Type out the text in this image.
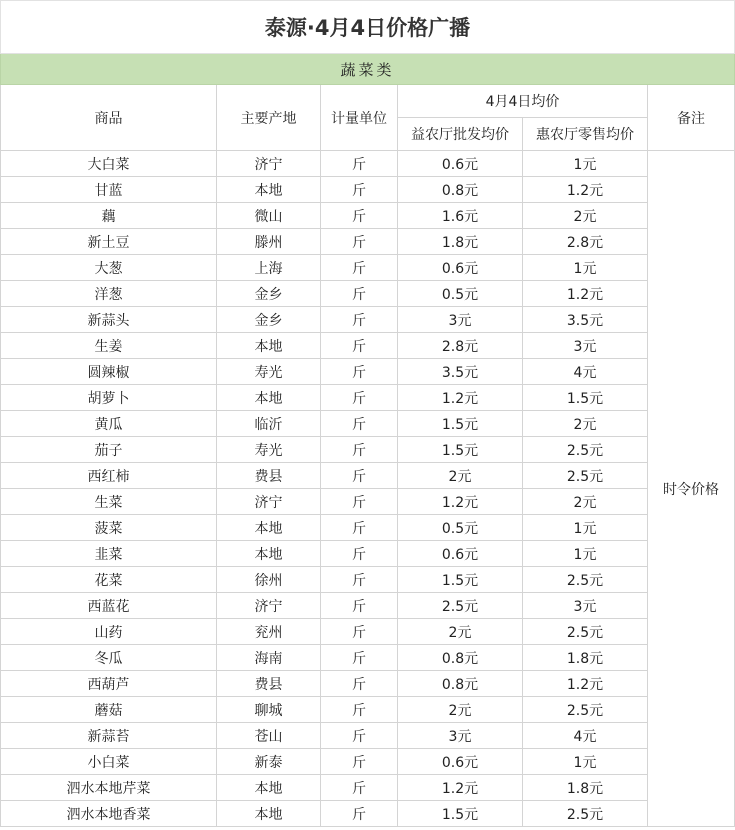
泰源·4月4日价格广播					
蔬菜类					
商品	主要产地	计量单位	4月4日均价		备注
			益农厅批发均价	惠农厅零售均价	
大白菜	济宁	斤	0.6元	1元	时令价格
甘蓝	本地	斤	0.8元	1.2元	
藕	微山	斤	1.6元	2元	
新土豆	滕州	斤	1.8元	2.8元	
大葱	上海	斤	0.6元	1元	
洋葱	金乡	斤	0.5元	1.2元	
新蒜头	金乡	斤	3元	3.5元	
生姜	本地	斤	2.8元	3元	
圆辣椒	寿光	斤	3.5元	4元	
胡萝卜	本地	斤	1.2元	1.5元	
黄瓜	临沂	斤	1.5元	2元	
茄子	寿光	斤	1.5元	2.5元	
西红柿	费县	斤	2元	2.5元	
生菜	济宁	斤	1.2元	2元	
菠菜	本地	斤	0.5元	1元	
韭菜	本地	斤	0.6元	1元	
花菜	徐州	斤	1.5元	2.5元	
西蓝花	济宁	斤	2.5元	3元	
山药	兖州	斤	2元	2.5元	
冬瓜	海南	斤	0.8元	1.8元	
西葫芦	费县	斤	0.8元	1.2元	
蘑菇	聊城	斤	2元	2.5元	
新蒜苔	苍山	斤	3元	4元	
小白菜	新泰	斤	0.6元	1元	
泗水本地芹菜	本地	斤	1.2元	1.8元	
泗水本地香菜	本地	斤	1.5元	2.5元	
